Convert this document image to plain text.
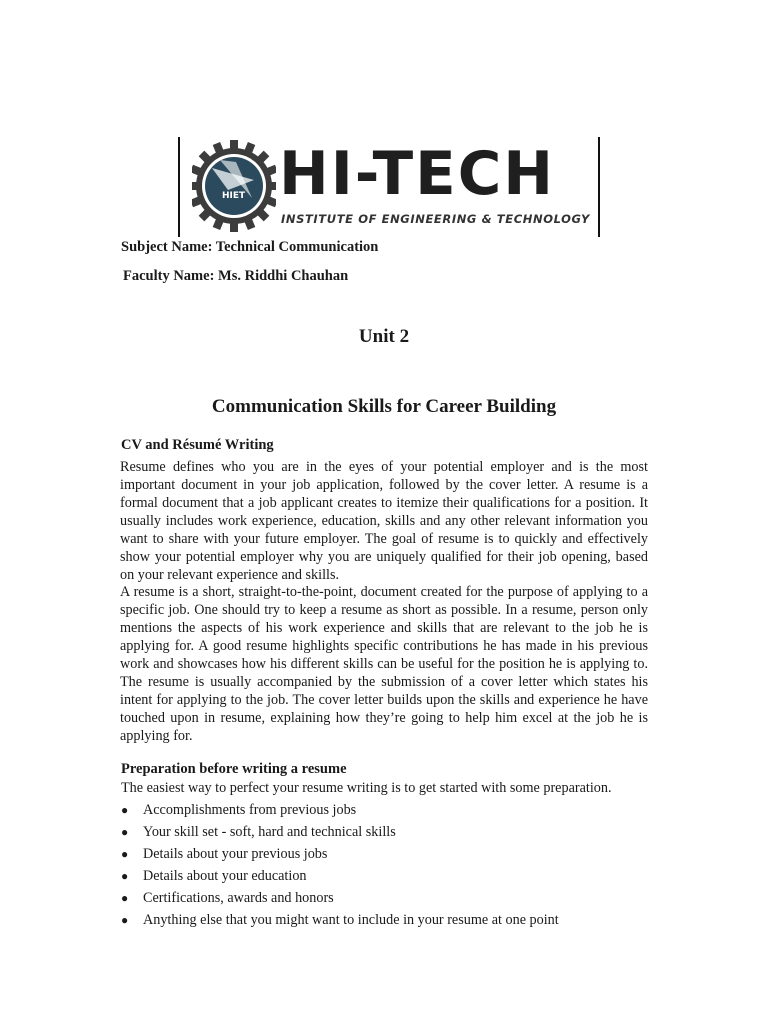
HIET HI-TECH
INSTITUTE OF ENGINEERING & TECHNOLOGY
Subject Name: Technical Communication
Faculty Name: Ms. Riddhi Chauhan
Unit 2
Communication Skills for Career Building
CV and Résumé Writing
Resume defines who you are in the eyes of your potential employer and is the most important document in your job application, followed by the cover letter. A resume is a formal document that a job applicant creates to itemize their qualifications for a position. It usually includes work experience, education, skills and any other relevant information you want to share with your future employer. The goal of resume is to quickly and effectively show your potential employer why you are uniquely qualified for their job opening, based on your relevant experience and skills.
A resume is a short, straight-to-the-point, document created for the purpose of applying to a specific job. One should try to keep a resume as short as possible. In a resume, person only mentions the aspects of his work experience and skills that are relevant to the job he is applying for. A good resume highlights specific contributions he has made in his previous work and showcases how his different skills can be useful for the position he is applying to. The resume is usually accompanied by the submission of a cover letter which states his intent for applying to the job. The cover letter builds upon the skills and experience he have touched upon in resume, explaining how they’re going to help him excel at the job he is applying for.
Preparation before writing a resume
The easiest way to perfect your resume writing is to get started with some preparation.
● Accomplishments from previous jobs
● Your skill set - soft, hard and technical skills
● Details about your previous jobs
● Details about your education
● Certifications, awards and honors
● Anything else that you might want to include in your resume at one point
